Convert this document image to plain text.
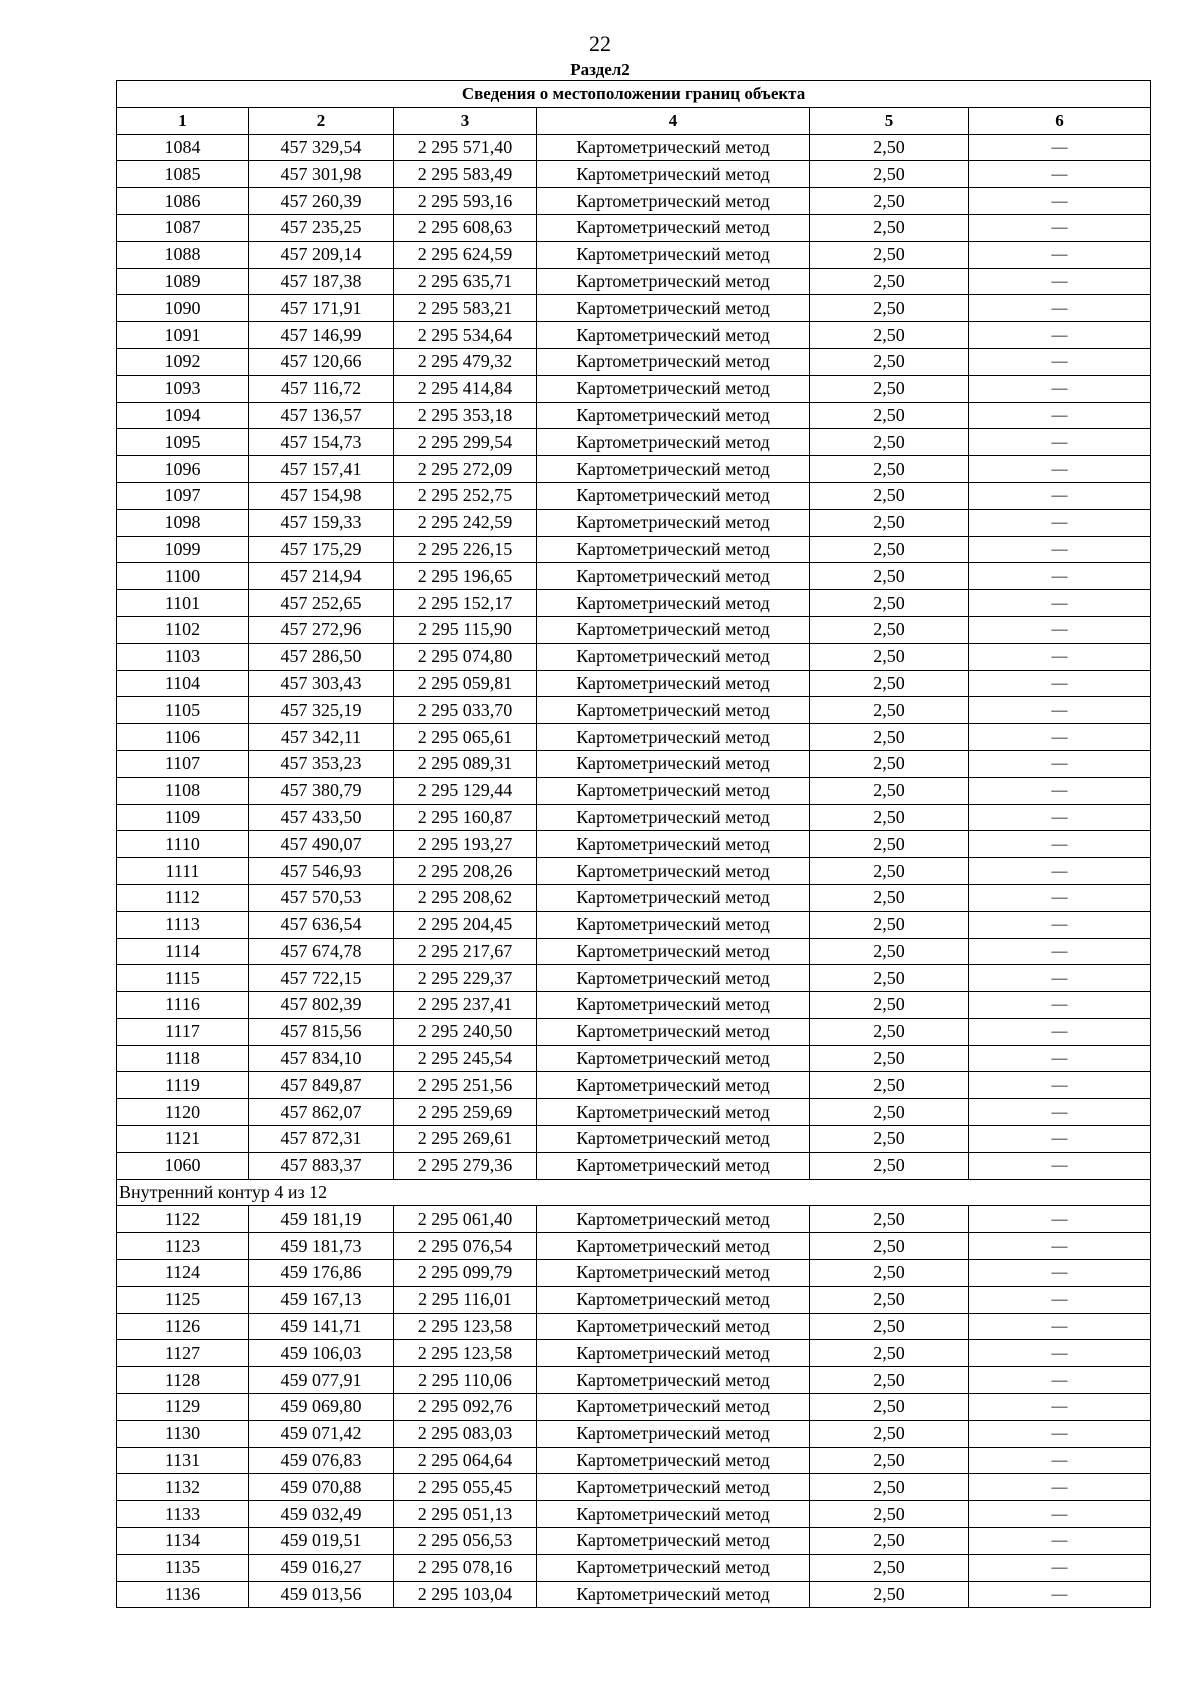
22
Раздел2
Сведения о местоположении границ объекта					
1	2	3	4	5	6
1084	457 329,54	2 295 571,40	Картометрический метод	2,50	—
1085	457 301,98	2 295 583,49	Картометрический метод	2,50	—
1086	457 260,39	2 295 593,16	Картометрический метод	2,50	—
1087	457 235,25	2 295 608,63	Картометрический метод	2,50	—
1088	457 209,14	2 295 624,59	Картометрический метод	2,50	—
1089	457 187,38	2 295 635,71	Картометрический метод	2,50	—
1090	457 171,91	2 295 583,21	Картометрический метод	2,50	—
1091	457 146,99	2 295 534,64	Картометрический метод	2,50	—
1092	457 120,66	2 295 479,32	Картометрический метод	2,50	—
1093	457 116,72	2 295 414,84	Картометрический метод	2,50	—
1094	457 136,57	2 295 353,18	Картометрический метод	2,50	—
1095	457 154,73	2 295 299,54	Картометрический метод	2,50	—
1096	457 157,41	2 295 272,09	Картометрический метод	2,50	—
1097	457 154,98	2 295 252,75	Картометрический метод	2,50	—
1098	457 159,33	2 295 242,59	Картометрический метод	2,50	—
1099	457 175,29	2 295 226,15	Картометрический метод	2,50	—
1100	457 214,94	2 295 196,65	Картометрический метод	2,50	—
1101	457 252,65	2 295 152,17	Картометрический метод	2,50	—
1102	457 272,96	2 295 115,90	Картометрический метод	2,50	—
1103	457 286,50	2 295 074,80	Картометрический метод	2,50	—
1104	457 303,43	2 295 059,81	Картометрический метод	2,50	—
1105	457 325,19	2 295 033,70	Картометрический метод	2,50	—
1106	457 342,11	2 295 065,61	Картометрический метод	2,50	—
1107	457 353,23	2 295 089,31	Картометрический метод	2,50	—
1108	457 380,79	2 295 129,44	Картометрический метод	2,50	—
1109	457 433,50	2 295 160,87	Картометрический метод	2,50	—
1110	457 490,07	2 295 193,27	Картометрический метод	2,50	—
1111	457 546,93	2 295 208,26	Картометрический метод	2,50	—
1112	457 570,53	2 295 208,62	Картометрический метод	2,50	—
1113	457 636,54	2 295 204,45	Картометрический метод	2,50	—
1114	457 674,78	2 295 217,67	Картометрический метод	2,50	—
1115	457 722,15	2 295 229,37	Картометрический метод	2,50	—
1116	457 802,39	2 295 237,41	Картометрический метод	2,50	—
1117	457 815,56	2 295 240,50	Картометрический метод	2,50	—
1118	457 834,10	2 295 245,54	Картометрический метод	2,50	—
1119	457 849,87	2 295 251,56	Картометрический метод	2,50	—
1120	457 862,07	2 295 259,69	Картометрический метод	2,50	—
1121	457 872,31	2 295 269,61	Картометрический метод	2,50	—
1060	457 883,37	2 295 279,36	Картометрический метод	2,50	—
Внутренний контур 4 из 12					
1122	459 181,19	2 295 061,40	Картометрический метод	2,50	—
1123	459 181,73	2 295 076,54	Картометрический метод	2,50	—
1124	459 176,86	2 295 099,79	Картометрический метод	2,50	—
1125	459 167,13	2 295 116,01	Картометрический метод	2,50	—
1126	459 141,71	2 295 123,58	Картометрический метод	2,50	—
1127	459 106,03	2 295 123,58	Картометрический метод	2,50	—
1128	459 077,91	2 295 110,06	Картометрический метод	2,50	—
1129	459 069,80	2 295 092,76	Картометрический метод	2,50	—
1130	459 071,42	2 295 083,03	Картометрический метод	2,50	—
1131	459 076,83	2 295 064,64	Картометрический метод	2,50	—
1132	459 070,88	2 295 055,45	Картометрический метод	2,50	—
1133	459 032,49	2 295 051,13	Картометрический метод	2,50	—
1134	459 019,51	2 295 056,53	Картометрический метод	2,50	—
1135	459 016,27	2 295 078,16	Картометрический метод	2,50	—
1136	459 013,56	2 295 103,04	Картометрический метод	2,50	—
